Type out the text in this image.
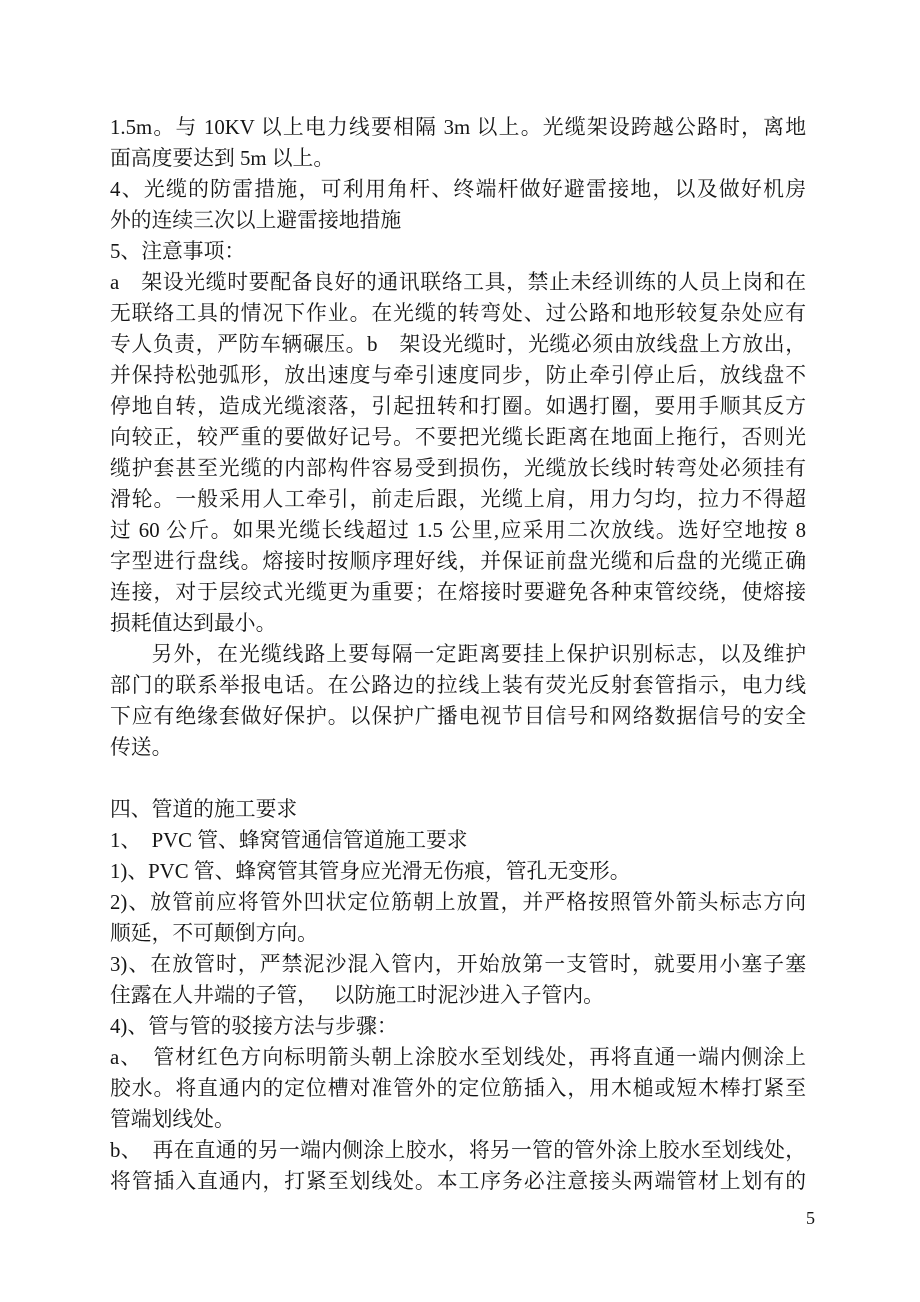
1.5m。与 10KV 以上电力线要相隔 3m 以上。光缆架设跨越公路时，离地
面高度要达到 5m 以上。
4、光缆的防雷措施，可利用角杆、终端杆做好避雷接地，以及做好机房
外的连续三次以上避雷接地措施
5、注意事项：
a　架设光缆时要配备良好的通讯联络工具，禁止未经训练的人员上岗和在
无联络工具的情况下作业。在光缆的转弯处、过公路和地形较复杂处应有
专人负责，严防车辆碾压。b　架设光缆时，光缆必须由放线盘上方放出，
并保持松弛弧形，放出速度与牵引速度同步，防止牵引停止后，放线盘不
停地自转，造成光缆滚落，引起扭转和打圈。如遇打圈，要用手顺其反方
向较正，较严重的要做好记号。不要把光缆长距离在地面上拖行，否则光
缆护套甚至光缆的内部构件容易受到损伤，光缆放长线时转弯处必须挂有
滑轮。一般采用人工牵引，前走后跟，光缆上肩，用力匀均，拉力不得超
过 60 公斤。如果光缆长线超过 1.5 公里,应采用二次放线。选好空地按 8
字型进行盘线。熔接时按顺序理好线，并保证前盘光缆和后盘的光缆正确
连接，对于层绞式光缆更为重要；在熔接时要避免各种束管绞绕，使熔接
损耗值达到最小。
另外，在光缆线路上要每隔一定距离要挂上保护识别标志，以及维护
部门的联系举报电话。在公路边的拉线上装有荧光反射套管指示，电力线
下应有绝缘套做好保护。以保护广播电视节目信号和网络数据信号的安全
传送。
四、管道的施工要求
1、　PVC 管、蜂窝管通信管道施工要求
1)、PVC 管、蜂窝管其管身应光滑无伤痕，管孔无变形。
2)、放管前应将管外凹状定位筋朝上放置，并严格按照管外箭头标志方向
顺延，不可颠倒方向。
3)、在放管时，严禁泥沙混入管内，开始放第一支管时，就要用小塞子塞
住露在人井端的子管，　 以防施工时泥沙进入子管内。
4)、管与管的驳接方法与步骤：
a、　管材红色方向标明箭头朝上涂胶水至划线处，再将直通一端内侧涂上
胶水。将直通内的定位槽对准管外的定位筋插入，用木槌或短木棒打紧至
管端划线处。
b、　再在直通的另一端内侧涂上胶水，将另一管的管外涂上胶水至划线处，
将管插入直通内，打紧至划线处。本工序务必注意接头两端管材上划有的
5
